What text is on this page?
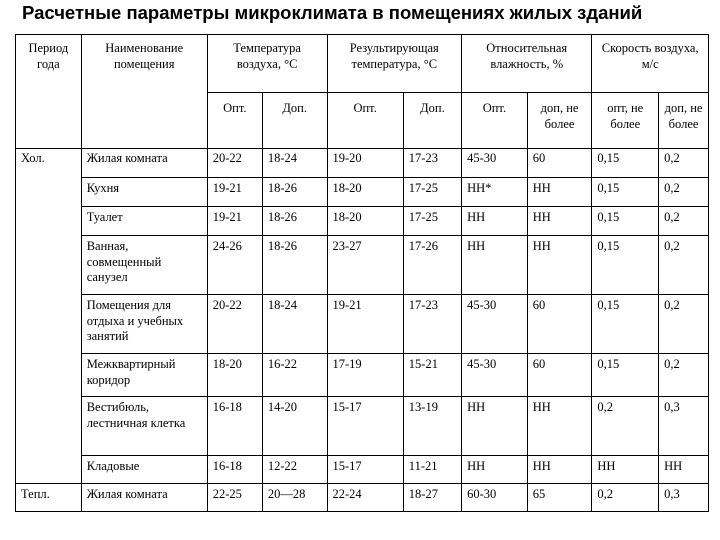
Расчетные параметры микроклимата в помещениях жилых зданий
Период года	Наименование помещения	Температура воздуха, °С		Результирующая температура, °С		Относительная влажность, %		Скорость воздуха, м/с	
		Опт.	Доп.	Опт.	Доп.	Опт.	доп, не более	опт, не более	доп, не более
Хол.	Жилая комната	20-22	18-24	19-20	17-23	45-30	60	0,15	0,2
	Кухня	19-21	18-26	18-20	17-25	НН*	НН	0,15	0,2
	Туалет	19-21	18-26	18-20	17-25	НН	НН	0,15	0,2
	Ванная, совмещенный санузел	24-26	18-26	23-27	17-26	НН	НН	0,15	0,2
	Помещения для отдыха и учебных занятий	20-22	18-24	19-21	17-23	45-30	60	0,15	0,2
	Межквартирный коридор	18-20	16-22	17-19	15-21	45-30	60	0,15	0,2
	Вестибюль, лестничная клетка	16-18	14-20	15-17	13-19	НН	НН	0,2	0,3
	Кладовые	16-18	12-22	15-17	11-21	НН	НН	НН	НН
Тепл.	Жилая комната	22-25	20—28	22-24	18-27	60-30	65	0,2	0,3
